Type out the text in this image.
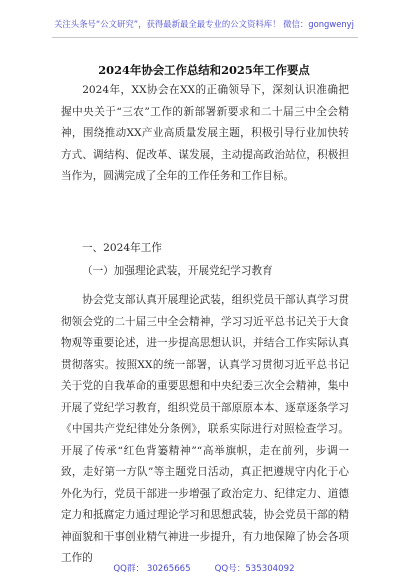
关注头条号“公文研究”，获得最新最全最专业的公文资料库！ 微信：gongwenyj
2024年协会工作总结和2025年工作要点
2024年，XX协会在XX的正确领导下，深刻认识准确把握中央关于“三农”工作的新部署新要求和二十届三中全会精神，围绕推动XX产业高质量发展主题，积极引导行业加快转方式、调结构、促改革、谋发展，主动提高政治站位，积极担当作为，圆满完成了全年的工作任务和工作目标。
一、2024年工作
（一）加强理论武装，开展党纪学习教育
协会党支部认真开展理论武装，组织党员干部认真学习贯彻领会党的二十届三中全会精神，学习习近平总书记关于大食物观等重要论述，进一步提高思想认识，并结合工作实际认真贯彻落实。按照XX的统一部署，认真学习贯彻习近平总书记关于党的自我革命的重要思想和中央纪委三次全会精神，集中开展了党纪学习教育，组织党员干部原原本本、逐章逐条学习《中国共产党纪律处分条例》，联系实际进行对照检查学习。开展了传承“红色背篓精神”“高举旗帜，走在前列，步调一致，走好第一方队”等主题党日活动，真正把遵规守内化于心外化为行，党员干部进一步增强了政治定力、纪律定力、道德定力和抵腐定力通过理论学习和思想武装，协会党员干部的精神面貌和干事创业精气神进一步提升，有力地保障了协会各项工作的
QQ群： 30265665	QQ号：535304092
